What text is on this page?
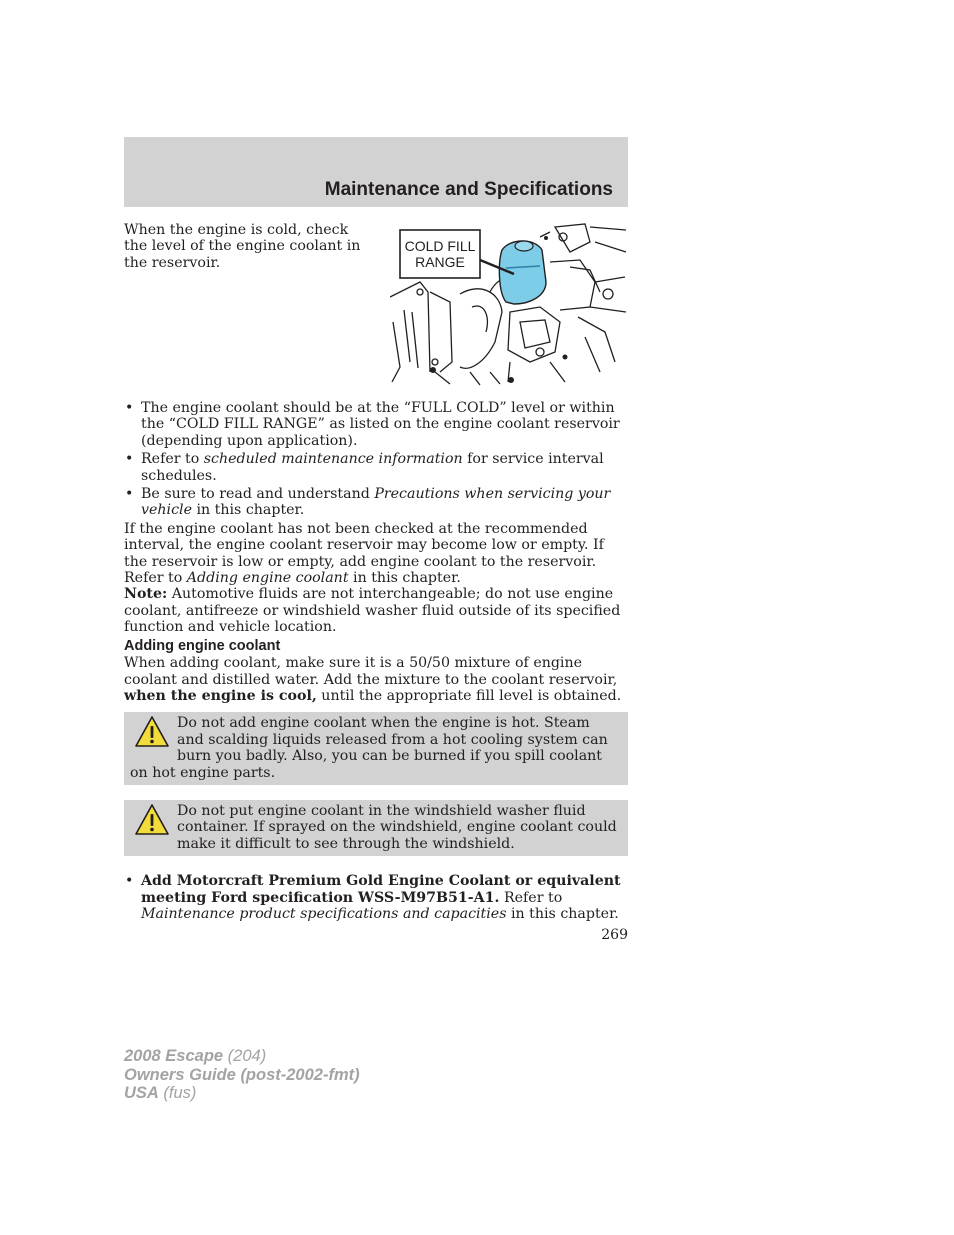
Maintenance and Specifications

When the engine is cold, check the level of the engine coolant in the reservoir.

COLD FILL
RANGE
• The engine coolant should be at the “FULL COLD” level or within the “COLD FILL RANGE” as listed on the engine coolant reservoir (depending upon application).
• Refer to scheduled maintenance information for service interval schedules.
• Be sure to read and understand Precautions when servicing your vehicle in this chapter.

If the engine coolant has not been checked at the recommended interval, the engine coolant reservoir may become low or empty. If the reservoir is low or empty, add engine coolant to the reservoir. Refer to Adding engine coolant in this chapter.

Note: Automotive fluids are not interchangeable; do not use engine coolant, antifreeze or windshield washer fluid outside of its specified function and vehicle location.

Adding engine coolant

When adding coolant, make sure it is a 50/50 mixture of engine coolant and distilled water. Add the mixture to the coolant reservoir, when the engine is cool, until the appropriate fill level is obtained.

Do not add engine coolant when the engine is hot. Steam and scalding liquids released from a hot cooling system can burn you badly. Also, you can be burned if you spill coolant on hot engine parts.
Do not put engine coolant in the windshield washer fluid container. If sprayed on the windshield, engine coolant could make it difficult to see through the windshield.
• Add Motorcraft Premium Gold Engine Coolant or equivalent meeting Ford specification WSS-M97B51-A1. Refer to Maintenance product specifications and capacities in this chapter.
269
2008 Escape (204)
Owners Guide (post-2002-fmt)
USA (fus)
